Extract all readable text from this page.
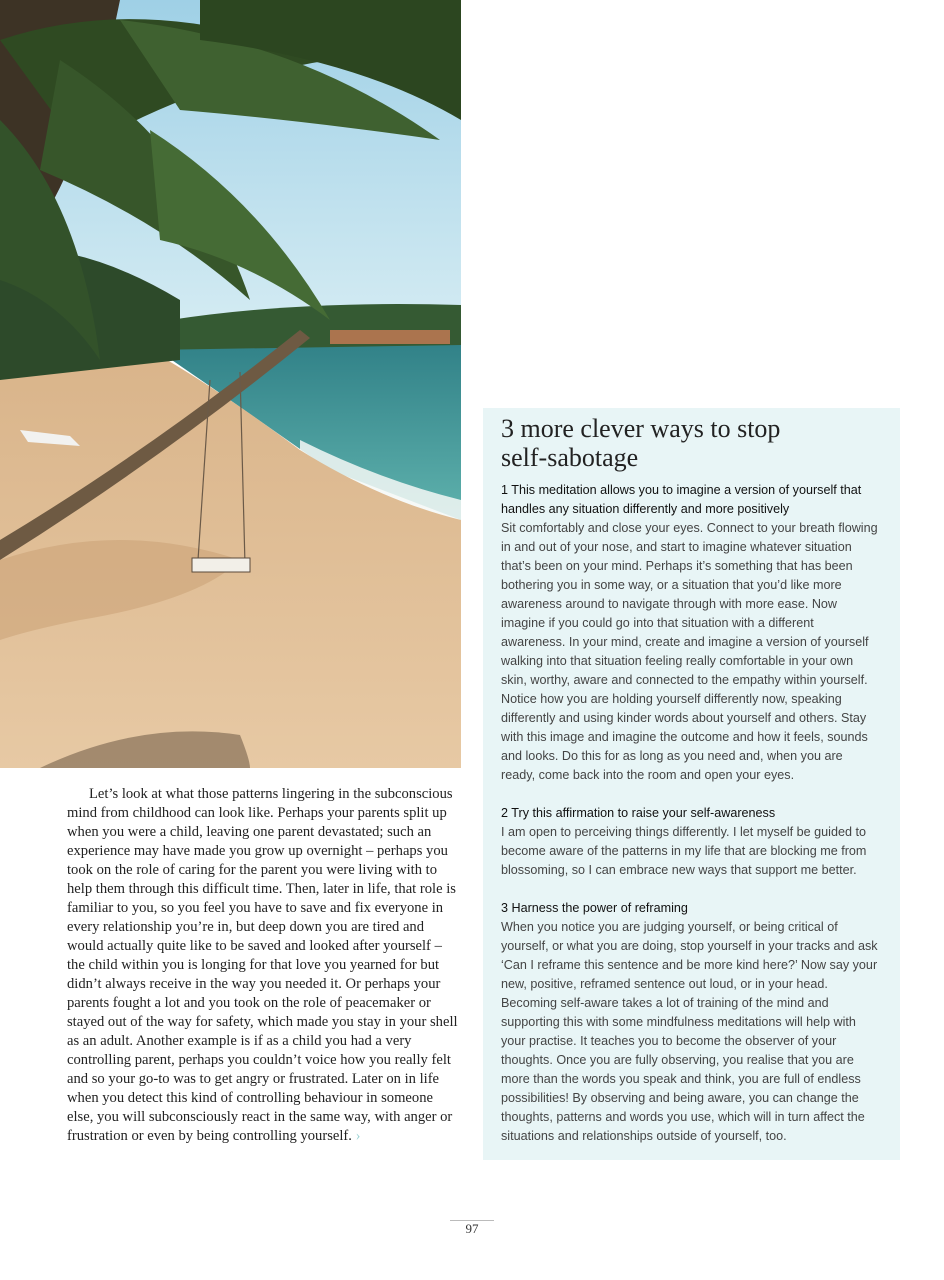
Let’s look at what those patterns lingering in the subconscious mind from childhood can look like. Perhaps your parents split up when you were a child, leaving one parent devastated; such an experience may have made you grow up overnight – perhaps you took on the role of caring for the parent you were living with to help them through this difficult time. Then, later in life, that role is familiar to you, so you feel you have to save and fix everyone in every relationship you’re in, but deep down you are tired and would actually quite like to be saved and looked after yourself – the child within you is longing for that love you yearned for but didn’t always receive in the way you needed it. Or perhaps your parents fought a lot and you took on the role of peacemaker or stayed out of the way for safety, which made you stay in your shell as an adult. Another example is if as a child you had a very controlling parent, perhaps you couldn’t voice how you really felt and so your go-to was to get angry or frustrated. Later on in life when you detect this kind of controlling behaviour in someone else, you will subconsciously react in the same way, with anger or frustration or even by being controlling yourself. ›

3 more clever ways to stop self-sabotage

1 This meditation allows you to imagine a version of yourself that handles any situation differently and more positively

Sit comfortably and close your eyes. Connect to your breath flowing in and out of your nose, and start to imagine whatever situation that’s been on your mind. Perhaps it’s something that has been bothering you in some way, or a situation that you’d like more awareness around to navigate through with more ease. Now imagine if you could go into that situation with a different awareness. In your mind, create and imagine a version of yourself walking into that situation feeling really comfortable in your own skin, worthy, aware and connected to the empathy within yourself. Notice how you are holding yourself differently now, speaking differently and using kinder words about yourself and others. Stay with this image and imagine the outcome and how it feels, sounds and looks. Do this for as long as you need and, when you are ready, come back into the room and open your eyes.

2 Try this affirmation to raise your self-awareness

I am open to perceiving things differently. I let myself be guided to become aware of the patterns in my life that are blocking me from blossoming, so I can embrace new ways that support me better.

3 Harness the power of reframing

When you notice you are judging yourself, or being critical of yourself, or what you are doing, stop yourself in your tracks and ask ‘Can I reframe this sentence and be more kind here?’ Now say your new, positive, reframed sentence out loud, or in your head. Becoming self-aware takes a lot of training of the mind and supporting this with some mindfulness meditations will help with your practise. It teaches you to become the observer of your thoughts. Once you are fully observing, you realise that you are more than the words you speak and think, you are full of endless possibilities! By observing and being aware, you can change the thoughts, patterns and words you use, which will in turn affect the situations and relationships outside of yourself, too.

97
